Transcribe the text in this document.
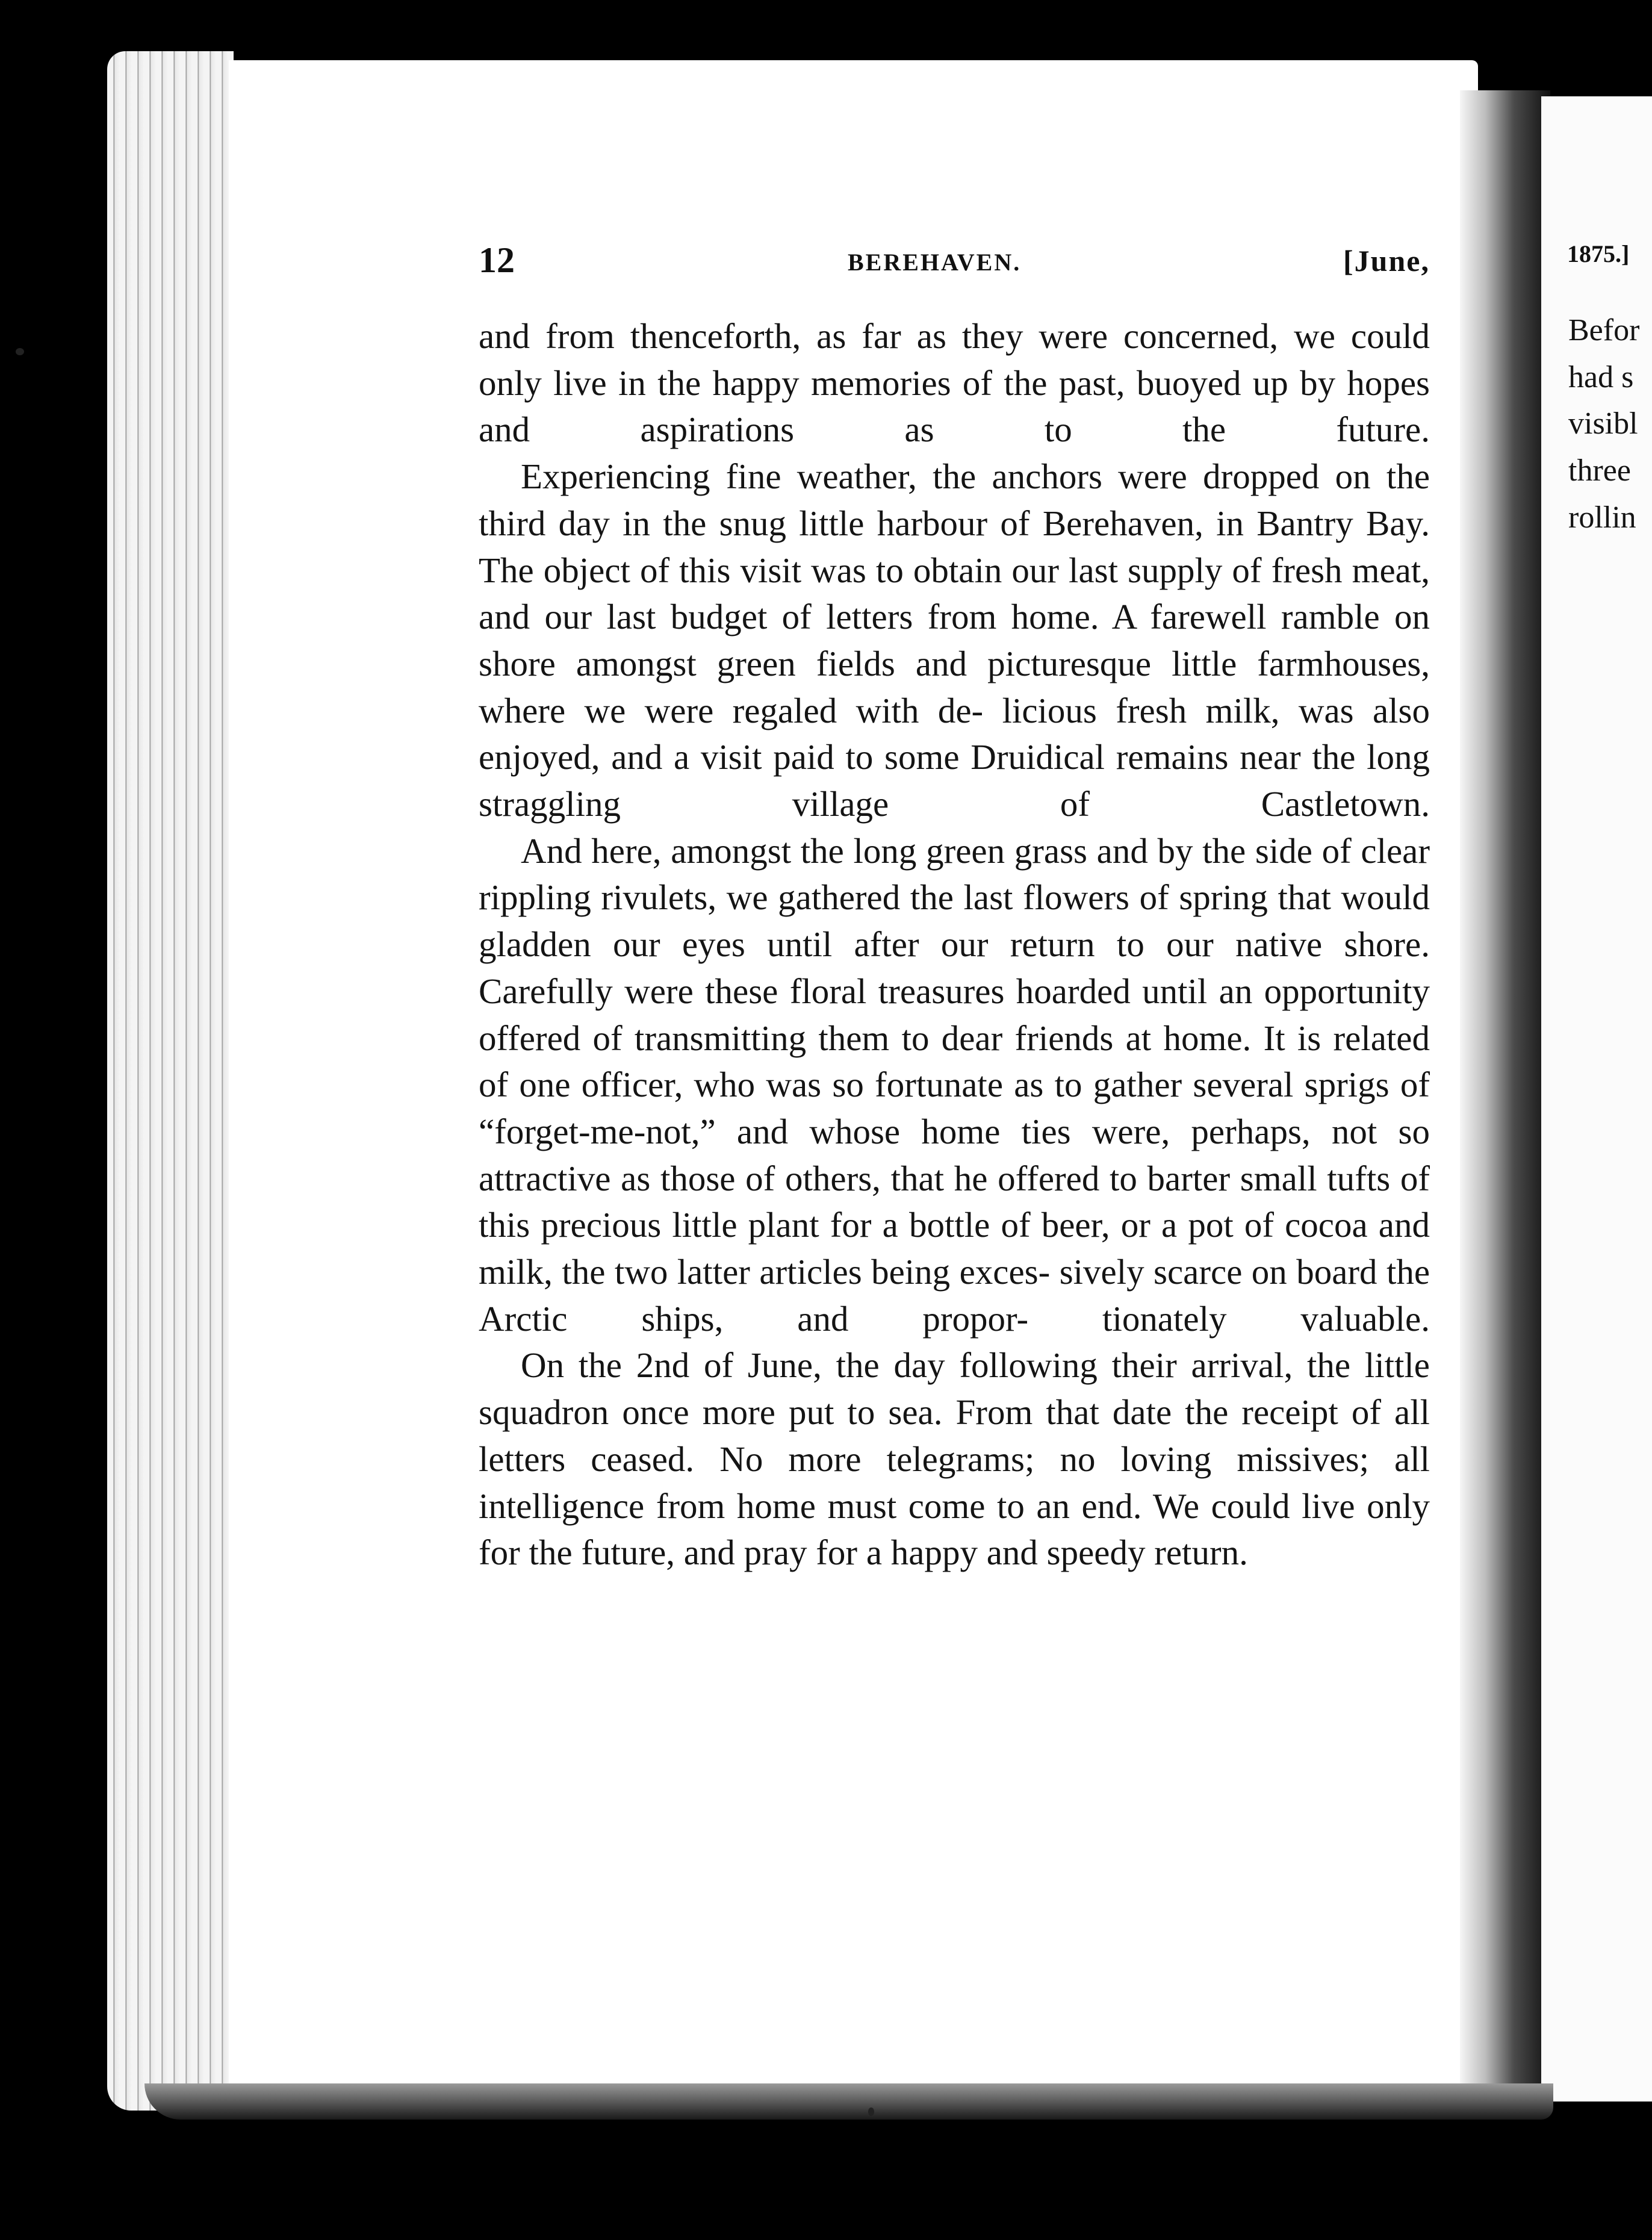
12	BEREHAVEN.	[June,

and from thenceforth, as far as they were concerned, we could only live in the happy memories of the past, buoyed up by hopes and aspirations as to the	future.

Experiencing fine weather, the anchors were dropped on the third day in the snug little harbour of Berehaven, in Bantry Bay. The object of this visit was to obtain our last supply of fresh meat, and our last budget of letters from home. A farewell ramble on shore amongst green fields and picturesque little farmhouses, where we were regaled with de- licious fresh milk, was also enjoyed, and a visit paid to some Druidical remains near the long straggling	village of Castletown.

And here, amongst the long green grass and by the side of clear rippling rivulets, we gathered the last flowers of spring that would gladden our eyes until after our return to our native shore. Carefully were these floral treasures hoarded until an opportunity offered of transmitting them to dear friends at home. It is related of one officer, who was so fortunate as to gather several sprigs of “forget-me-not,” and whose home ties were, perhaps, not so attractive as those of others, that he offered to barter small tufts of this precious little plant for a bottle of beer, or a pot of cocoa and milk, the two latter articles being exces- sively scarce on board the Arctic ships, and propor- tionately valuable.

On the 2nd of June, the day following their arrival, the little squadron once more put to sea. From that date the receipt of all letters ceased. No more telegrams; no loving missives; all intelligence from home must come to an end. We could live only for the future, and pray for a happy and speedy return.

1875.]
Befor
had s
visibl
three
rollin
